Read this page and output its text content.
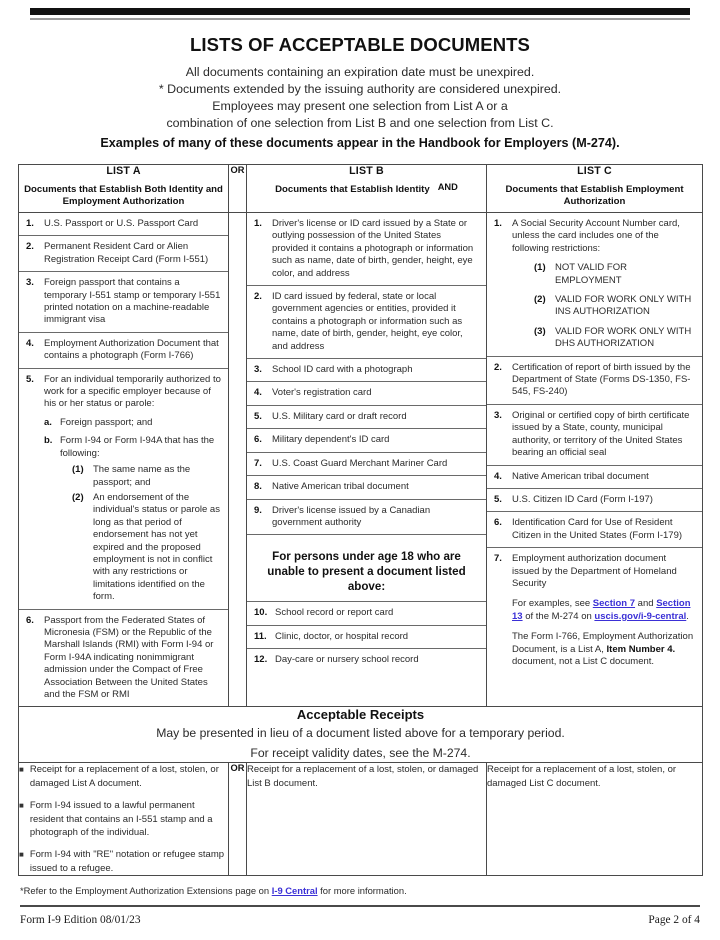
LISTS OF ACCEPTABLE DOCUMENTS

All documents containing an expiration date must be unexpired.

* Documents extended by the issuing authority are considered unexpired.

Employees may present one selection from List A or a

combination of one selection from List B and one selection from List C.

Examples of many of these documents appear in the Handbook for Employers (M-274).

LIST A
Documents that Establish Both Identity and Employment Authorization
	OR	LIST B
Documents that Establish Identity AND

LIST C
Documents that Establish Employment Authorization

1.	U.S. Passport or U.S. Passport Card
2.	Permanent Resident Card or Alien Registration Receipt Card (Form I-551)
3.	Foreign passport that contains a temporary I-551 stamp or temporary I-551 printed notation on a machine-readable immigrant visa
4.	Employment Authorization Document that contains a photograph (Form I-766)
5.	For an individual temporarily authorized to work for a specific employer because of his or her status or parole:
a. Foreign passport; and
b. Form I-94 or Form I-94A that has the following:
(1) The same name as the passport; and
(2) An endorsement of the individual's status or parole as long as that period of endorsement has not yet expired and the proposed employment is not in conflict with any restrictions or limitations identified on the form.
6.	Passport from the Federated States of Micronesia (FSM) or the Republic of the Marshall Islands (RMI) with Form I-94 or Form I-94A indicating nonimmigrant admission under the Compact of Free Association Between the United States and the FSM or RMI

1.	Driver's license or ID card issued by a State or outlying possession of the United States provided it contains a photograph or information such as name, date of birth, gender, height, eye color, and address
2.	ID card issued by federal, state or local government agencies or entities, provided it contains a photograph or information such as name, date of birth, gender, height, eye color, and address
3.	School ID card with a photograph
4.	Voter's registration card
5.	U.S. Military card or draft record
6.	Military dependent's ID card
7.	U.S. Coast Guard Merchant Mariner Card
8.	Native American tribal document
9.	Driver's license issued by a Canadian government authority
For persons under age 18 who are unable to present a document listed above:
10. School record or report card
11. Clinic, doctor, or hospital record
12. Day-care or nursery school record

1.	A Social Security Account Number card, unless the card includes one of the following restrictions:
(1) NOT VALID FOR EMPLOYMENT
(2) VALID FOR WORK ONLY WITH INS AUTHORIZATION
(3) VALID FOR WORK ONLY WITH DHS AUTHORIZATION
2.	Certification of report of birth issued by the Department of State (Forms DS-1350, FS-545, FS-240)
3.	Original or certified copy of birth certificate issued by a State, county, municipal authority, or territory of the United States bearing an official seal
4.	Native American tribal document
5.	U.S. Citizen ID Card (Form I-197)
6.	Identification Card for Use of Resident Citizen in the United States (Form I-179)
7.	Employment authorization document issued by the Department of Homeland Security
For examples, see Section 7 and Section 13 of the M-274 on uscis.gov/i-9-central.
The Form I-766, Employment Authorization Document, is a List A, Item Number 4. document, not a List C document.

Acceptable Receipts
May be presented in lieu of a document listed above for a temporary period.
For receipt validity dates, see the M-274.			

■ Receipt for a replacement of a lost, stolen, or damaged List A document.
■ Form I-94 issued to a lawful permanent resident that contains an I-551 stamp and a photograph of the individual.
■ Form I-94 with "RE" notation or refugee stamp issued to a refugee.
	OR	Receipt for a replacement of a lost, stolen, or damaged List B document.	Receipt for a replacement of a lost, stolen, or damaged List C document.
*Refer to the Employment Authorization Extensions page on I-9 Central for more information.
Form I-9 Edition 08/01/23	Page 2 of 4
